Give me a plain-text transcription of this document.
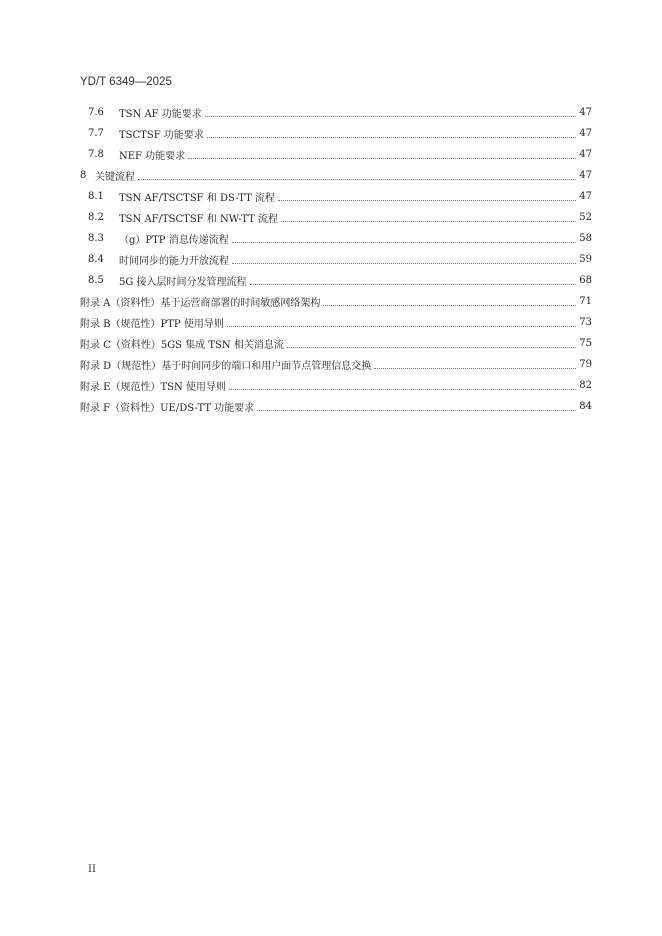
YD/T 6349—2025
7.6	TSN AF 功能要求	47
7.7	TSCTSF 功能要求	47
7.8	NEF 功能要求	47
8 关键流程	47
8.1	TSN AF/TSCTSF 和 DS-TT 流程	47
8.2	TSN AF/TSCTSF 和 NW-TT 流程	52
8.3	（g）PTP 消息传递流程	58
8.4	时间同步的能力开放流程	59
8.5	5G 接入层时间分发管理流程	68
附录 A（资料性）基于运营商部署的时间敏感网络架构	71
附录 B（规范性）PTP 使用导则	73
附录 C（资料性）5GS 集成 TSN 相关消息流	75
附录 D（规范性）基于时间同步的端口和用户面节点管理信息交换	79
附录 E（规范性）TSN 使用导则	82
附录 F（资料性）UE/DS-TT 功能要求	84
II
